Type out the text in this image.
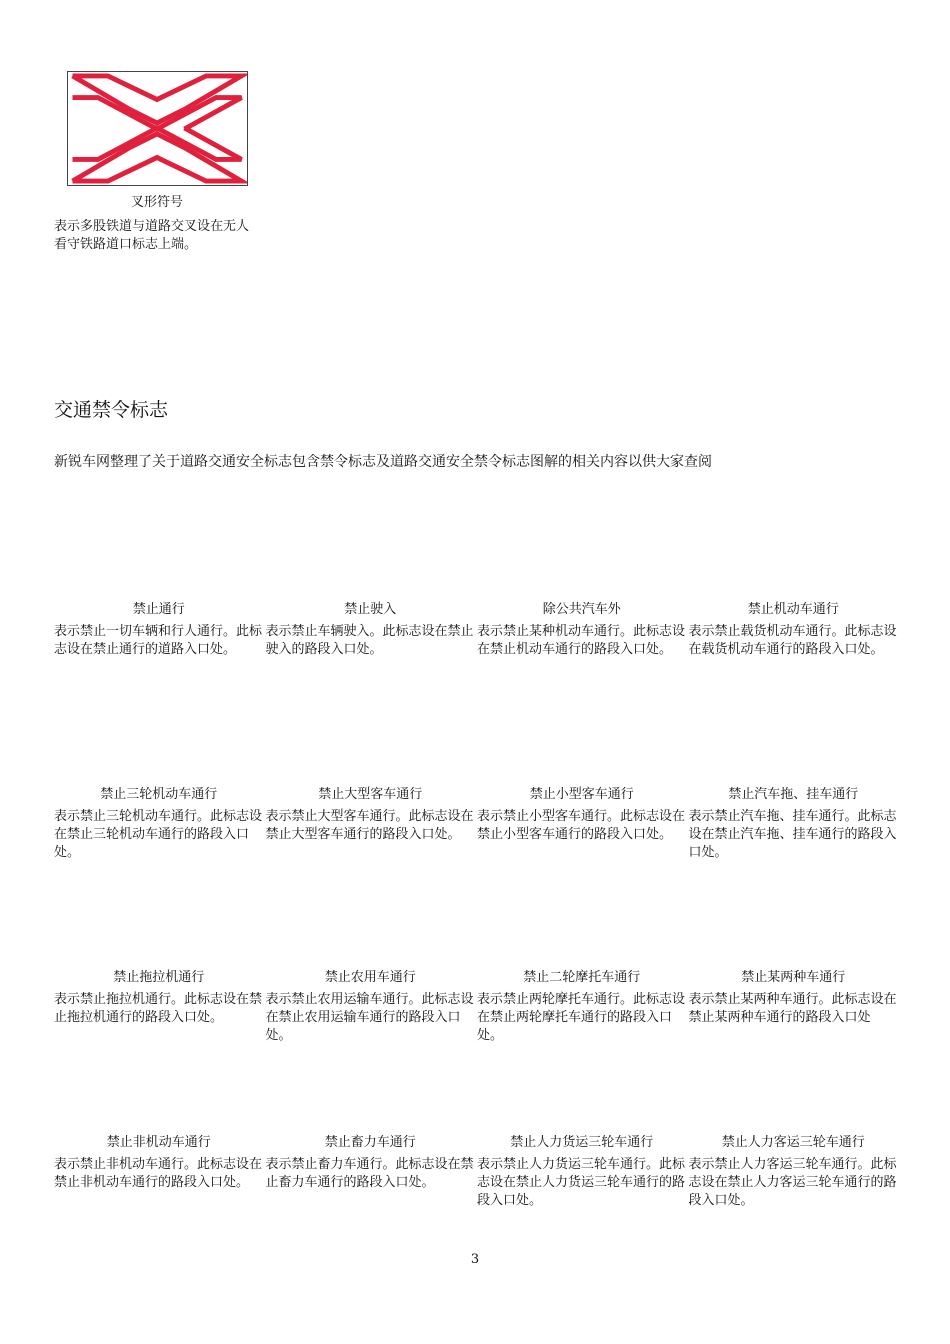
叉形符号
表示多股铁道与道路交叉设在无人看守铁路道口标志上端。
交通禁令标志

新锐车网整理了关于道路交通安全标志包含禁令标志及道路交通安全禁令标志图解的相关内容以供大家查阅

禁止通行
表示禁止一切车辆和行人通行。此标志设在禁止通行的道路入口处。
禁止驶入
表示禁止车辆驶入。此标志设在禁止驶入的路段入口处。
除公共汽车外
表示禁止某种机动车通行。此标志设在禁止机动车通行的路段入口处。
禁止机动车通行
表示禁止载货机动车通行。此标志设在载货机动车通行的路段入口处。
禁止三轮机动车通行
表示禁止三轮机动车通行。此标志设在禁止三轮机动车通行的路段入口处。
禁止大型客车通行
表示禁止大型客车通行。此标志设在禁止大型客车通行的路段入口处。
禁止小型客车通行
表示禁止小型客车通行。此标志设在禁止小型客车通行的路段入口处。
禁止汽车拖、挂车通行
表示禁止汽车拖、挂车通行。此标志设在禁止汽车拖、挂车通行的路段入口处。
禁止拖拉机通行
表示禁止拖拉机通行。此标志设在禁止拖拉机通行的路段入口处。
禁止农用车通行
表示禁止农用运输车通行。此标志设在禁止农用运输车通行的路段入口处。
禁止二轮摩托车通行
表示禁止两轮摩托车通行。此标志设在禁止两轮摩托车通行的路段入口处。
禁止某两种车通行
表示禁止某两种车通行。此标志设在禁止某两种车通行的路段入口处
禁止非机动车通行
表示禁止非机动车通行。此标志设在禁止非机动车通行的路段入口处。
禁止畜力车通行
表示禁止畜力车通行。此标志设在禁止畜力车通行的路段入口处。
禁止人力货运三轮车通行
表示禁止人力货运三轮车通行。此标志设在禁止人力货运三轮车通行的路段入口处。
禁止人力客运三轮车通行
表示禁止人力客运三轮车通行。此标志设在禁止人力客运三轮车通行的路段入口处。
3
